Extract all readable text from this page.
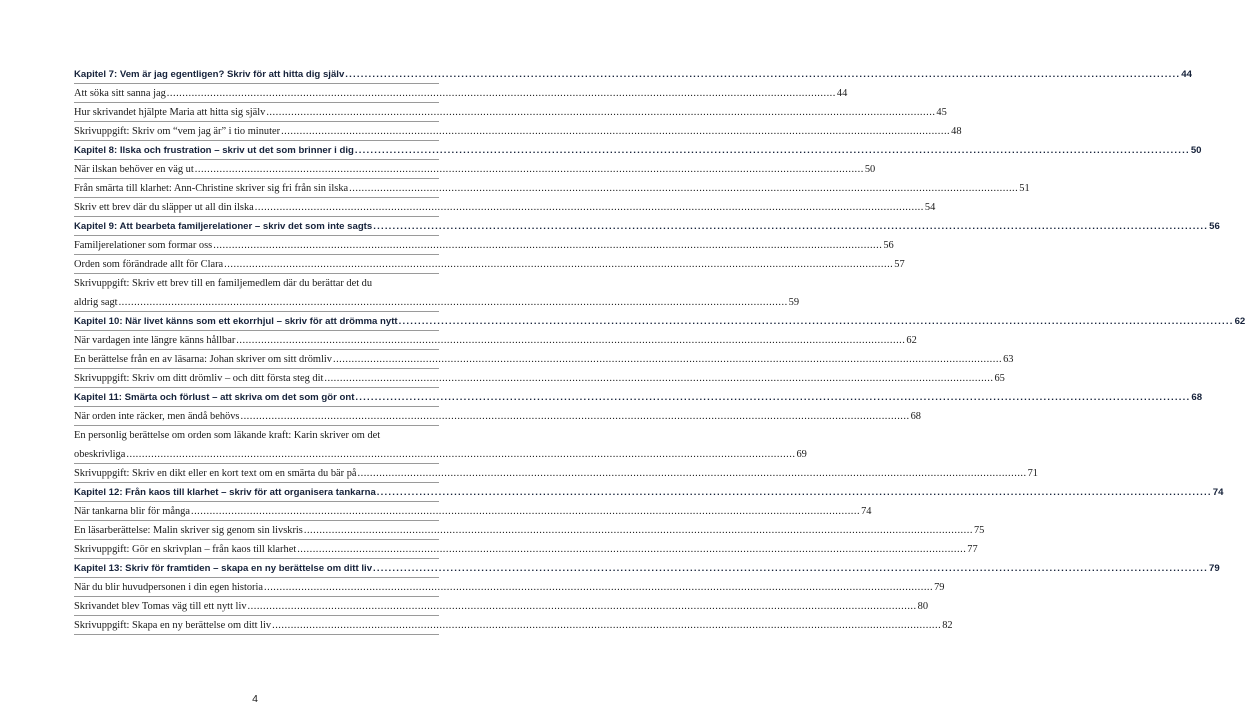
Kapitel 7: Vem är jag egentligen? Skriv för att hitta dig själv .....	44
Att söka sitt sanna jag .....	44
Hur skrivandet hjälpte Maria att hitta sig själv .....	45
Skrivuppgift: Skriv om “vem jag är” i tio minuter .....	48
Kapitel 8: Ilska och frustration – skriv ut det som brinner i dig .....	50
När ilskan behöver en väg ut .....	50
Från smärta till klarhet: Ann-Christine skriver sig fri från sin ilska .....	51
Skriv ett brev där du släpper ut all din ilska .....	54
Kapitel 9: Att bearbeta familjerelationer – skriv det som inte sagts .....	56
Familjerelationer som formar oss .....	56
Orden som förändrade allt för Clara .....	57
Skrivuppgift: Skriv ett brev till en familjemedlem där du berättar det du
aldrig sagt .....	59
Kapitel 10: När livet känns som ett ekorrhjul – skriv för att drömma nytt .....	62
När vardagen inte längre känns hållbar .....	62
En berättelse från en av läsarna: Johan skriver om sitt drömliv .....	63
Skrivuppgift: Skriv om ditt drömliv – och ditt första steg dit .....	65
Kapitel 11: Smärta och förlust – att skriva om det som gör ont .....	68
När orden inte räcker, men ändå behövs .....	68
En personlig berättelse om orden som läkande kraft: Karin skriver om det
obeskrivliga .....	69
Skrivuppgift: Skriv en dikt eller en kort text om en smärta du bär på .....	71
Kapitel 12: Från kaos till klarhet – skriv för att organisera tankarna .....	74
När tankarna blir för många .....	74
En läsarberättelse: Malin skriver sig genom sin livskris .....	75
Skrivuppgift: Gör en skrivplan – från kaos till klarhet .....	77
Kapitel 13: Skriv för framtiden – skapa en ny berättelse om ditt liv .....	79
När du blir huvudpersonen i din egen historia .....	79
Skrivandet blev Tomas väg till ett nytt liv .....	80
Skrivuppgift: Skapa en ny berättelse om ditt liv .....	82
4
